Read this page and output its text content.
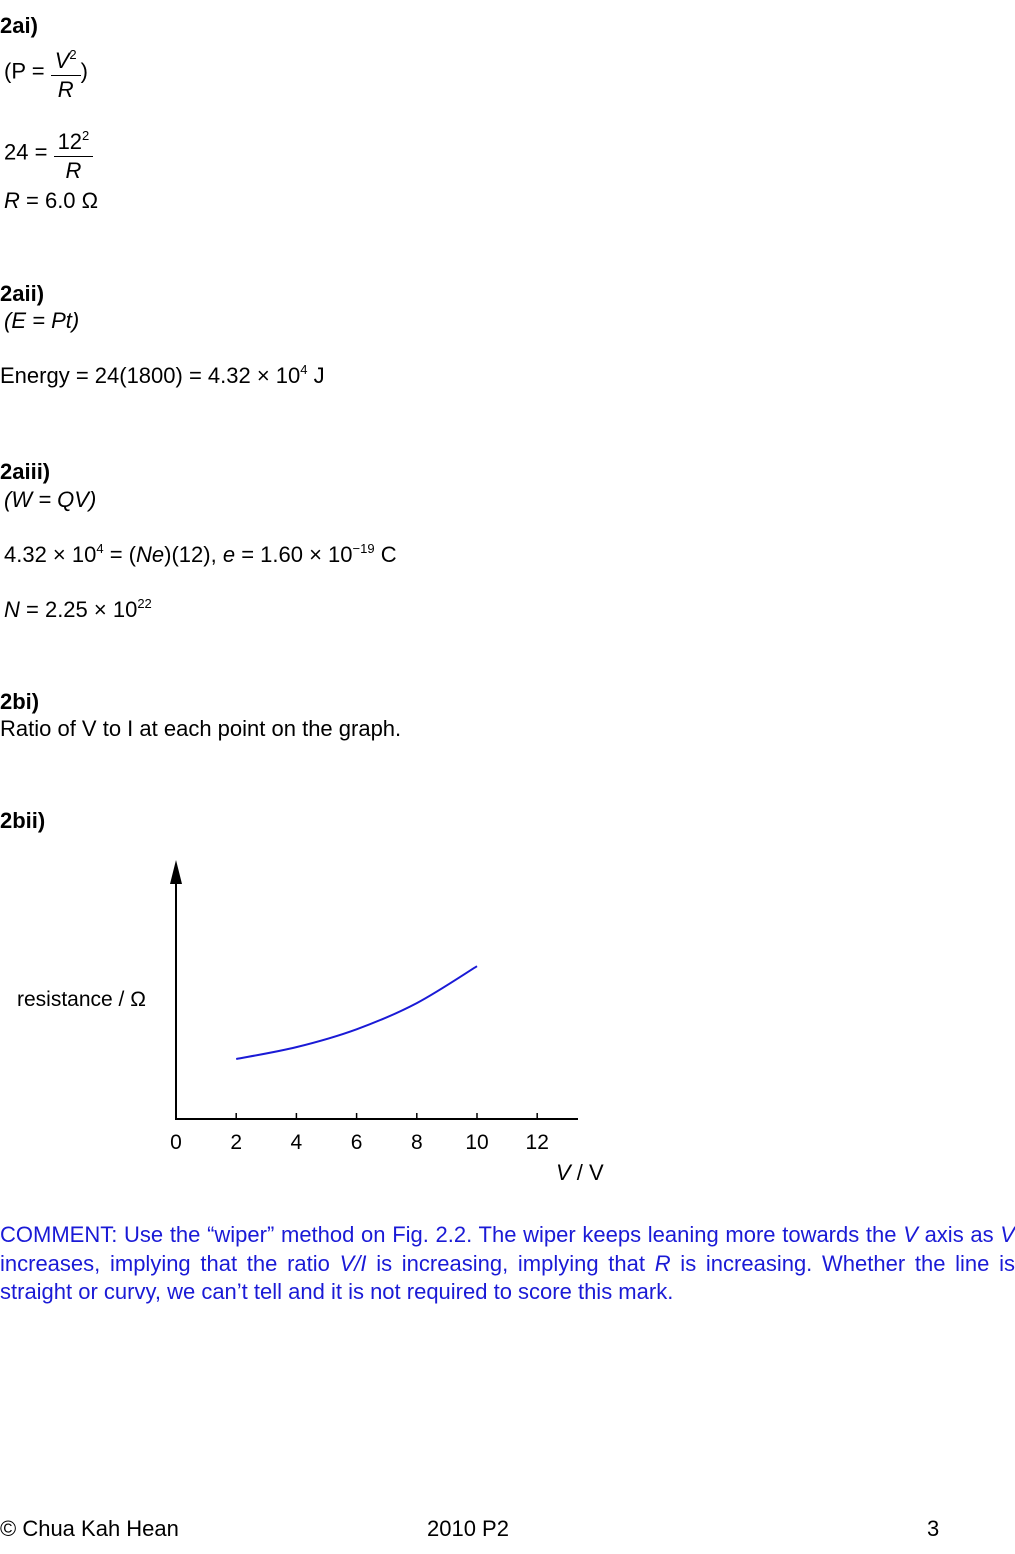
2ai)
($P = \frac{V^2}{R}$ )
$24 = \frac{12^2}{R}$
R = 6.0 Ω
2aii)
(E = Pt)
Energy = $24(1800) = 4.32 \times 10^4$ J
2aiii)
(W = QV)
$4.32 \times 10^4 = (Ne)(12)$, $e = 1.60 \times 10^{-19}$ C
$N = 2.25 \times 10^{22}$
2bi)
Ratio of V to I at each point on the graph.
2bii)
resistance / Ω
0 2 4 6 8 10 12
V / V
COMMENT: Use the “wiper” method on Fig. 2.2. The wiper keeps leaning more towards the V axis as V increases, implying that the ratio V/I is increasing, implying that R is increasing. Whether the line is straight or curvy, we can’t tell and it is not required to score this mark.
© Chua Kah Hean	2010 P2	3
